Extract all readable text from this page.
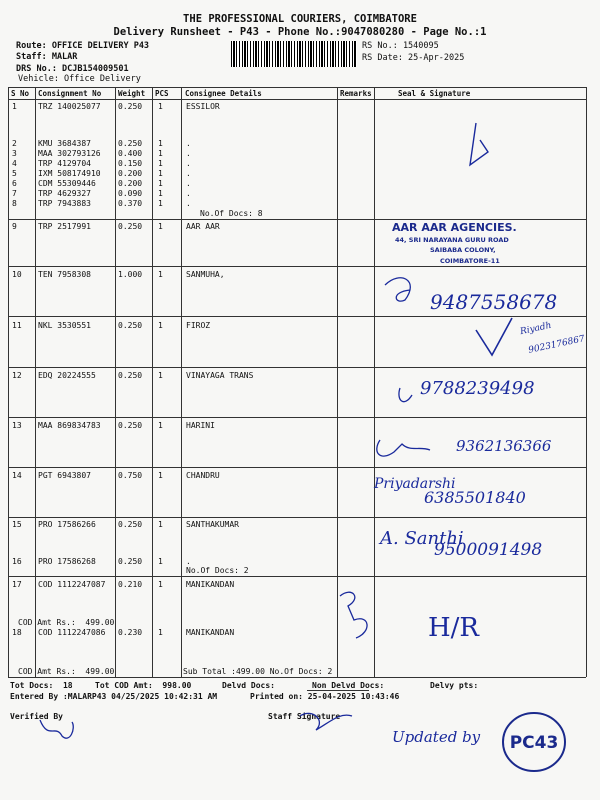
THE PROFESSIONAL COURIERS, COIMBATORE
Delivery Runsheet - P43 - Phone No.:9047080280 - Page No.:1
Route: OFFICE DELIVERY P43
Staff: MALAR
DRS No.: DCJB154009501
Vehicle: Office Delivery
RS No.: 1540095
RS Date: 25-Apr-2025
S No Consignment No Weight PCS Consignee Details	Remarks	Seal & Signature
1	TRZ 140025077 0.250 1	ESSILOR
2	KMU 3684387	0.250 1	.
3	MAA 302793126 0.400 1	.
4	TRP 4129704	0.150 1	.
5	IXM 508174910 0.200 1	.
6	CDM 55309446	0.200 1	.
7	TRP 4629327	0.090 1	.
8	TRP 7943883	0.370 1	.
No.Of Docs: 8
9	TRP 2517991	0.250 1	AAR AAR
10 TEN 7958308	1.000 1	SANMUHA,
11 NKL 3530551	0.250 1	FIROZ
12 EDQ 20224555	0.250 1	VINAYAGA TRANS
13 MAA 869834783 0.250 1	HARINI
14 PGT 6943807	0.750 1	CHANDRU
15 PRO 17586266	0.250 1	SANTHAKUMAR
16 PRO 17586268	0.250 1	.
No.Of Docs: 2
17 COD 1112247087 0.210 1	MANIKANDAN
COD Amt Rs.:  499.00
18 COD 1112247086 0.230 1	MANIKANDAN
COD Amt Rs.:  499.00	Sub Total :499.00 No.Of Docs: 2
Tot Docs:  18	Tot COD Amt:  998.00	Delvd Docs:	Non Delvd Docs:	Delvy pts:
Entered By :MALARP43 04/25/2025 10:42:31 AM	Printed on: 25-04-2025 10:43:46
Verified By	Staff Signature
AAR AAR AGENCIES.
44, SRI NARAYANA GURU ROAD
SAIBABA COLONY,
COIMBATORE-11
9487558678
Riyadh
9023176867
9788239498
9362136366
Priyadarshi
6385501840
A. Santhi
9500091498
H/R
Updated by PC43
